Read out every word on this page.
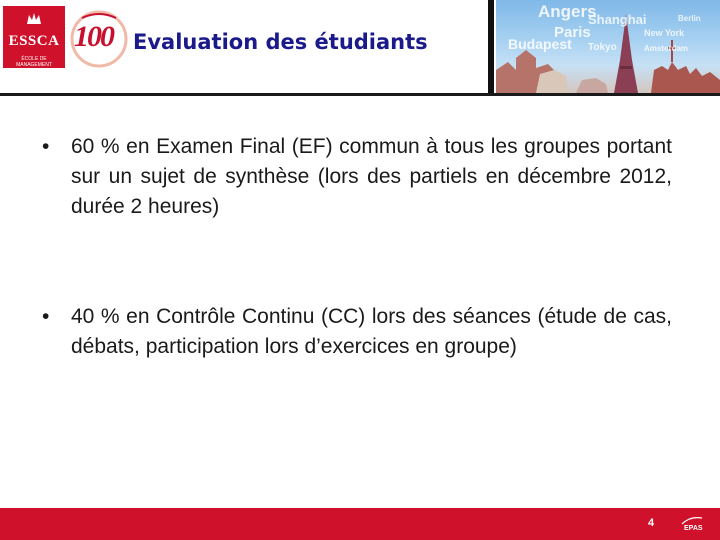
ESSCA
ÉCOLE DE MANAGEMENT
100 Evaluation des étudiants
Angers
Shanghai
Paris
Budapest Tokyo	Amsterdam
Berlin
New York
• 60 % en Examen Final (EF) commun à tous les groupes portant sur un sujet de synthèse (lors des partiels en décembre 2012, durée 2 heures)
• 40 % en Contrôle Continu (CC) lors des séances (étude de cas, débats, participation lors d’exercices en groupe)
4	EPAS
